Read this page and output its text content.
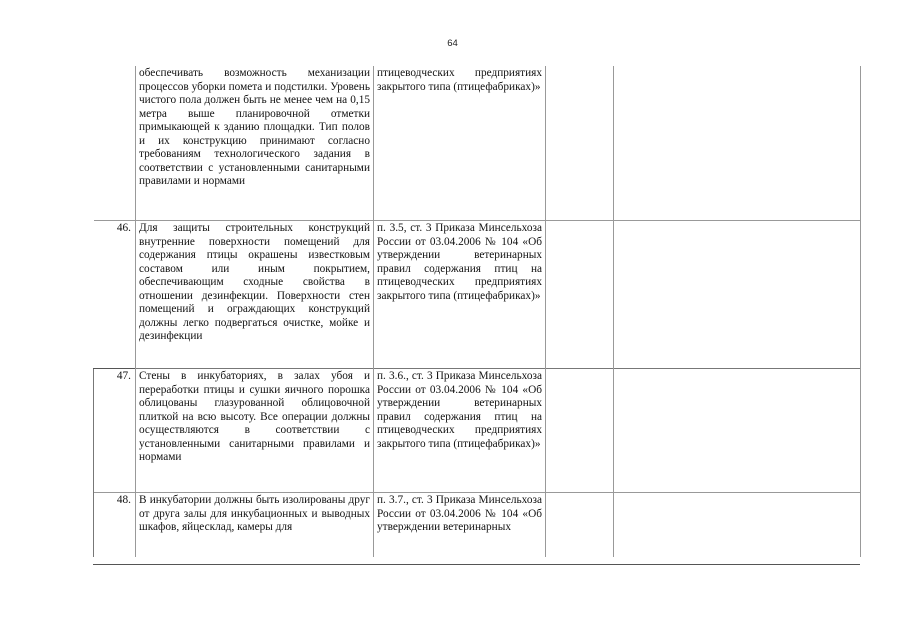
64
	обеспечивать возможность механизации процессов уборки помета и подстилки. Уровень чистого пола должен быть не менее чем на 0,15 метра выше планировочной отметки примыкающей к зданию площадки. Тип полов и их конструкцию принимают согласно требованиям технологического задания в соответствии с установленными санитарными правилами и нормами	птицеводческих предприятиях закрытого типа (птицефабриках)»		
46.	Для защиты строительных конструкций внутренние поверхности помещений для содержания птицы окрашены известковым составом или иным покрытием, обеспечивающим сходные свойства в отношении дезинфекции. Поверхности стен помещений и ограждающих конструкций должны легко подвергаться очистке, мойке и дезинфекции	п. 3.5, ст. 3 Приказа Минсельхоза России от 03.04.2006 № 104 «Об утверждении ветеринарных правил содержания птиц на птицеводческих предприятиях закрытого типа (птицефабриках)»		
47.	Стены в инкубаториях, в залах убоя и переработки птицы и сушки яичного порошка облицованы глазурованной облицовочной плиткой на всю высоту. Все операции должны осуществляются в соответствии с установленными санитарными правилами и нормами	п. 3.6., ст. 3 Приказа Минсельхоза России от 03.04.2006 № 104 «Об утверждении ветеринарных правил содержания птиц на птицеводческих предприятиях закрытого типа (птицефабриках)»		
48.	В инкубатории должны быть изолированы друг от друга залы для инкубационных и выводных шкафов, яйцесклад, камеры для	п. 3.7., ст. 3 Приказа Минсельхоза России от 03.04.2006 № 104 «Об утверждении ветеринарных		
